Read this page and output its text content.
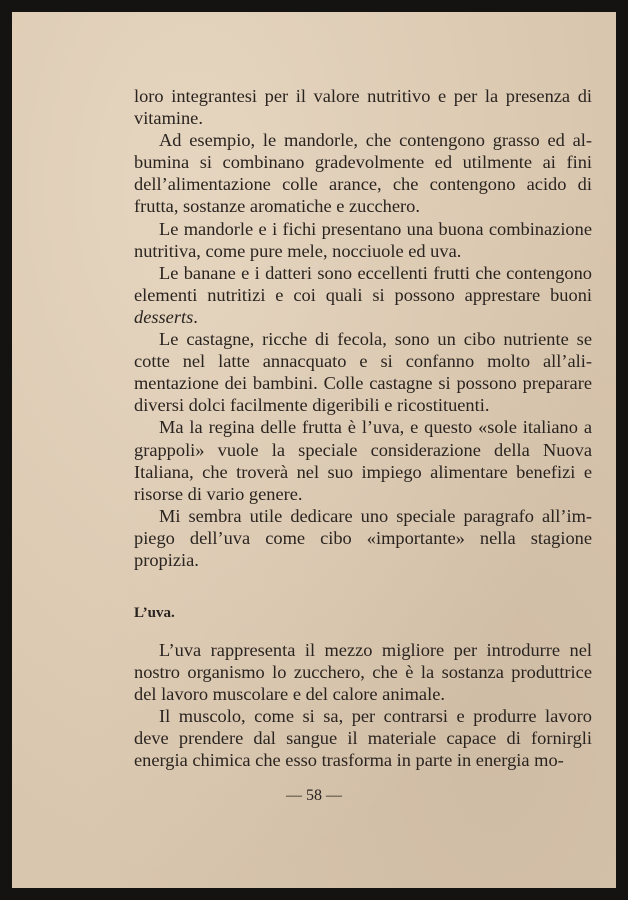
loro integrantesi per il valore nutritivo e per la presenza di vitamine.

Ad esempio, le mandorle, che contengono grasso ed albumina si combinano gradevolmente ed utilmente ai fini dell’alimentazione colle arance, che contengono acido di frutta, sostanze aromatiche e zucchero.

Le mandorle e i fichi presentano una buona combinazione nutritiva, come pure mele, nocciuole ed uva.

Le banane e i datteri sono eccellenti frutti che contengono elementi nutritizi e coi quali si possono apprestare buoni desserts.

Le castagne, ricche di fecola, sono un cibo nutriente se cotte nel latte annacquato e si confanno molto all’alimentazione dei bambini. Colle castagne si possono preparare diversi dolci facilmente digeribili e ricostituenti.

Ma la regina delle frutta è l’uva, e questo «sole italiano a grappoli» vuole la speciale considerazione della Nuova Italiana, che troverà nel suo impiego alimentare benefizi e risorse di vario genere.

Mi sembra utile dedicare uno speciale paragrafo all’impiego dell’uva come cibo «importante» nella stagione propizia.

L’uva.

L’uva rappresenta il mezzo migliore per introdurre nel nostro organismo lo zucchero, che è la sostanza produttrice del lavoro muscolare e del calore animale.

Il muscolo, come si sa, per contrarsi e produrre lavoro deve prendere dal sangue il materiale capace di fornirgli energia chimica che esso trasforma in parte in energia mo-

— 58 —
